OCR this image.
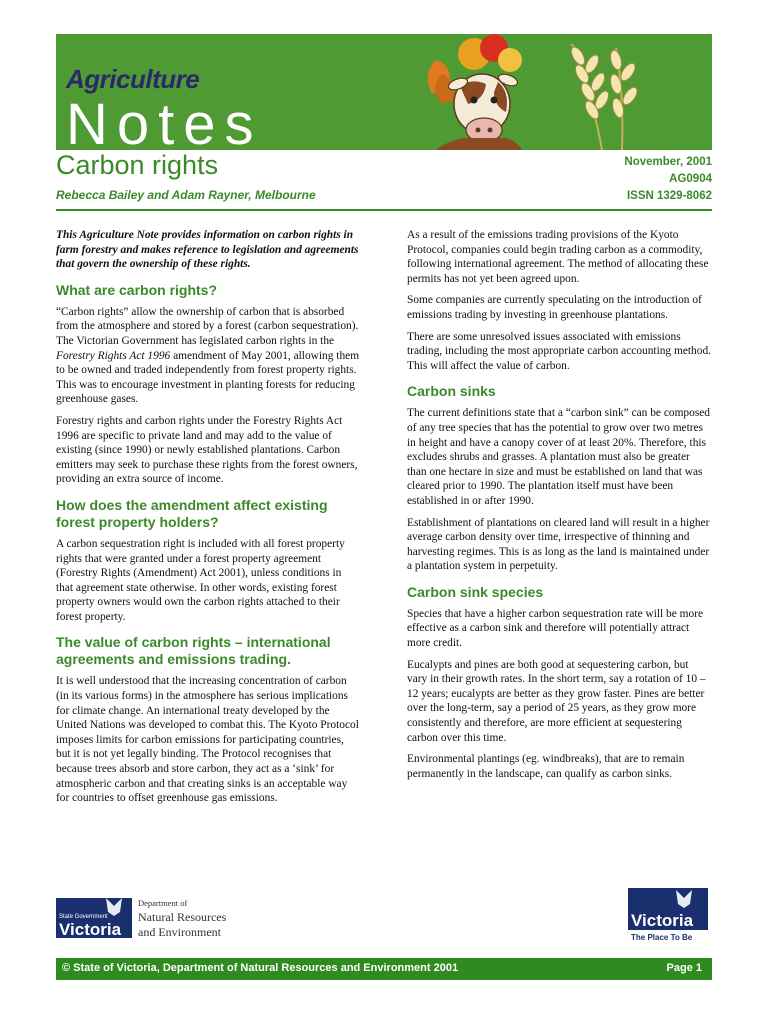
Agriculture
Notes
Carbon rights
Rebecca Bailey and Adam Rayner, Melbourne
November, 2001
AG0904
ISSN 1329-8062

This Agriculture Note provides information on carbon rights in farm forestry and makes reference to legislation and agreements that govern the ownership of these rights.

What are carbon rights?

“Carbon rights” allow the ownership of carbon that is absorbed from the atmosphere and stored by a forest (carbon sequestration). The Victorian Government has legislated carbon rights in the Forestry Rights Act 1996 amendment of May 2001, allowing them to be owned and traded independently from forest property rights. This was to encourage investment in planting forests for reducing greenhouse gases.

Forestry rights and carbon rights under the Forestry Rights Act 1996 are specific to private land and may add to the value of existing (since 1990) or newly established plantations. Carbon emitters may seek to purchase these rights from the forest owners, providing an extra source of income.

How does the amendment affect existing forest property holders?

A carbon sequestration right is included with all forest property rights that were granted under a forest property agreement (Forestry Rights (Amendment) Act 2001), unless conditions in that agreement state otherwise. In other words, existing forest property owners would own the carbon rights attached to their forest property.

The value of carbon rights – international agreements and emissions trading.

It is well understood that the increasing concentration of carbon (in its various forms) in the atmosphere has serious implications for climate change. An international treaty developed by the United Nations was developed to combat this. The Kyoto Protocol imposes limits for carbon emissions for participating countries, but it is not yet legally binding. The Protocol recognises that because trees absorb and store carbon, they act as a ‘sink’ for atmospheric carbon and that creating sinks is an acceptable way for countries to offset greenhouse gas emissions.

As a result of the emissions trading provisions of the Kyoto Protocol, companies could begin trading carbon as a commodity, following international agreement. The method of allocating these permits has not yet been agreed upon.

Some companies are currently speculating on the introduction of emissions trading by investing in greenhouse plantations.

There are some unresolved issues associated with emissions trading, including the most appropriate carbon accounting method. This will affect the value of carbon.

Carbon sinks

The current definitions state that a “carbon sink” can be composed of any tree species that has the potential to grow over two metres in height and have a canopy cover of at least 20%. Therefore, this excludes shrubs and grasses. A plantation must also be greater than one hectare in size and must be established on land that was cleared prior to 1990. The plantation itself must have been established in or after 1990.

Establishment of plantations on cleared land will result in a higher average carbon density over time, irrespective of thinning and harvesting regimes. This is as long as the land is maintained under a plantation system in perpetuity.

Carbon sink species

Species that have a higher carbon sequestration rate will be more effective as a carbon sink and therefore will potentially attract more credit.

Eucalypts and pines are both good at sequestering carbon, but vary in their growth rates. In the short term, say a rotation of 10 – 12 years; eucalypts are better as they grow faster. Pines are better over the long-term, say a period of 25 years, as they grow more consistently and therefore, are more efficient at sequestering carbon over this time.

Environmental plantings (eg. windbreaks), that are to remain permanently in the landscape, can qualify as carbon sinks.

State Government
Victoria
Department of
Natural Resources
and Environment
Victoria
The Place To Be
© State of Victoria, Department of Natural Resources and Environment 2001	Page 1
